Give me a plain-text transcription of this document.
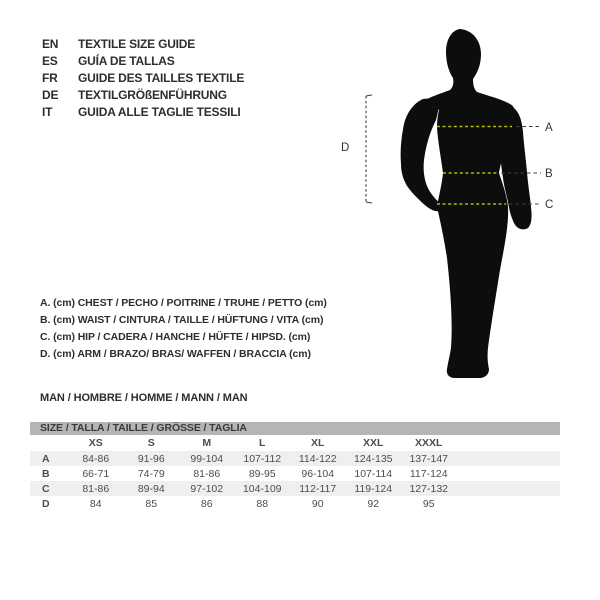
EN	TEXTILE SIZE GUIDE
ES	GUÍA DE TALLAS
FR	GUIDE DES TAILLES TEXTILE
DE	TEXTILGRÖßENFÜHRUNG
IT	GUIDA ALLE TAGLIE TESSILI
A
B
C
D
A. (cm) CHEST / PECHO / POITRINE / TRUHE / PETTO (cm)
B. (cm) WAIST / CINTURA / TAILLE / HÜFTUNG / VITA (cm)
C. (cm) HIP / CADERA / HANCHE / HÜFTE / HIPSD. (cm)
D. (cm) ARM / BRAZO/ BRAS/ WAFFEN / BRACCIA (cm)
MAN / HOMBRE / HOMME / MANN / MAN
SIZE / TALLA / TAILLE / GRÖSSE / TAGLIA
XS	S	M	L	XL	XXL	XXXL
A	84-86	91-96	99-104	107-112	114-122	124-135	137-147
B	66-71	74-79	81-86	89-95	96-104	107-114	117-124
C	81-86	89-94	97-102	104-109	112-117	119-124	127-132
D	84	85	86	88	90	92	95
